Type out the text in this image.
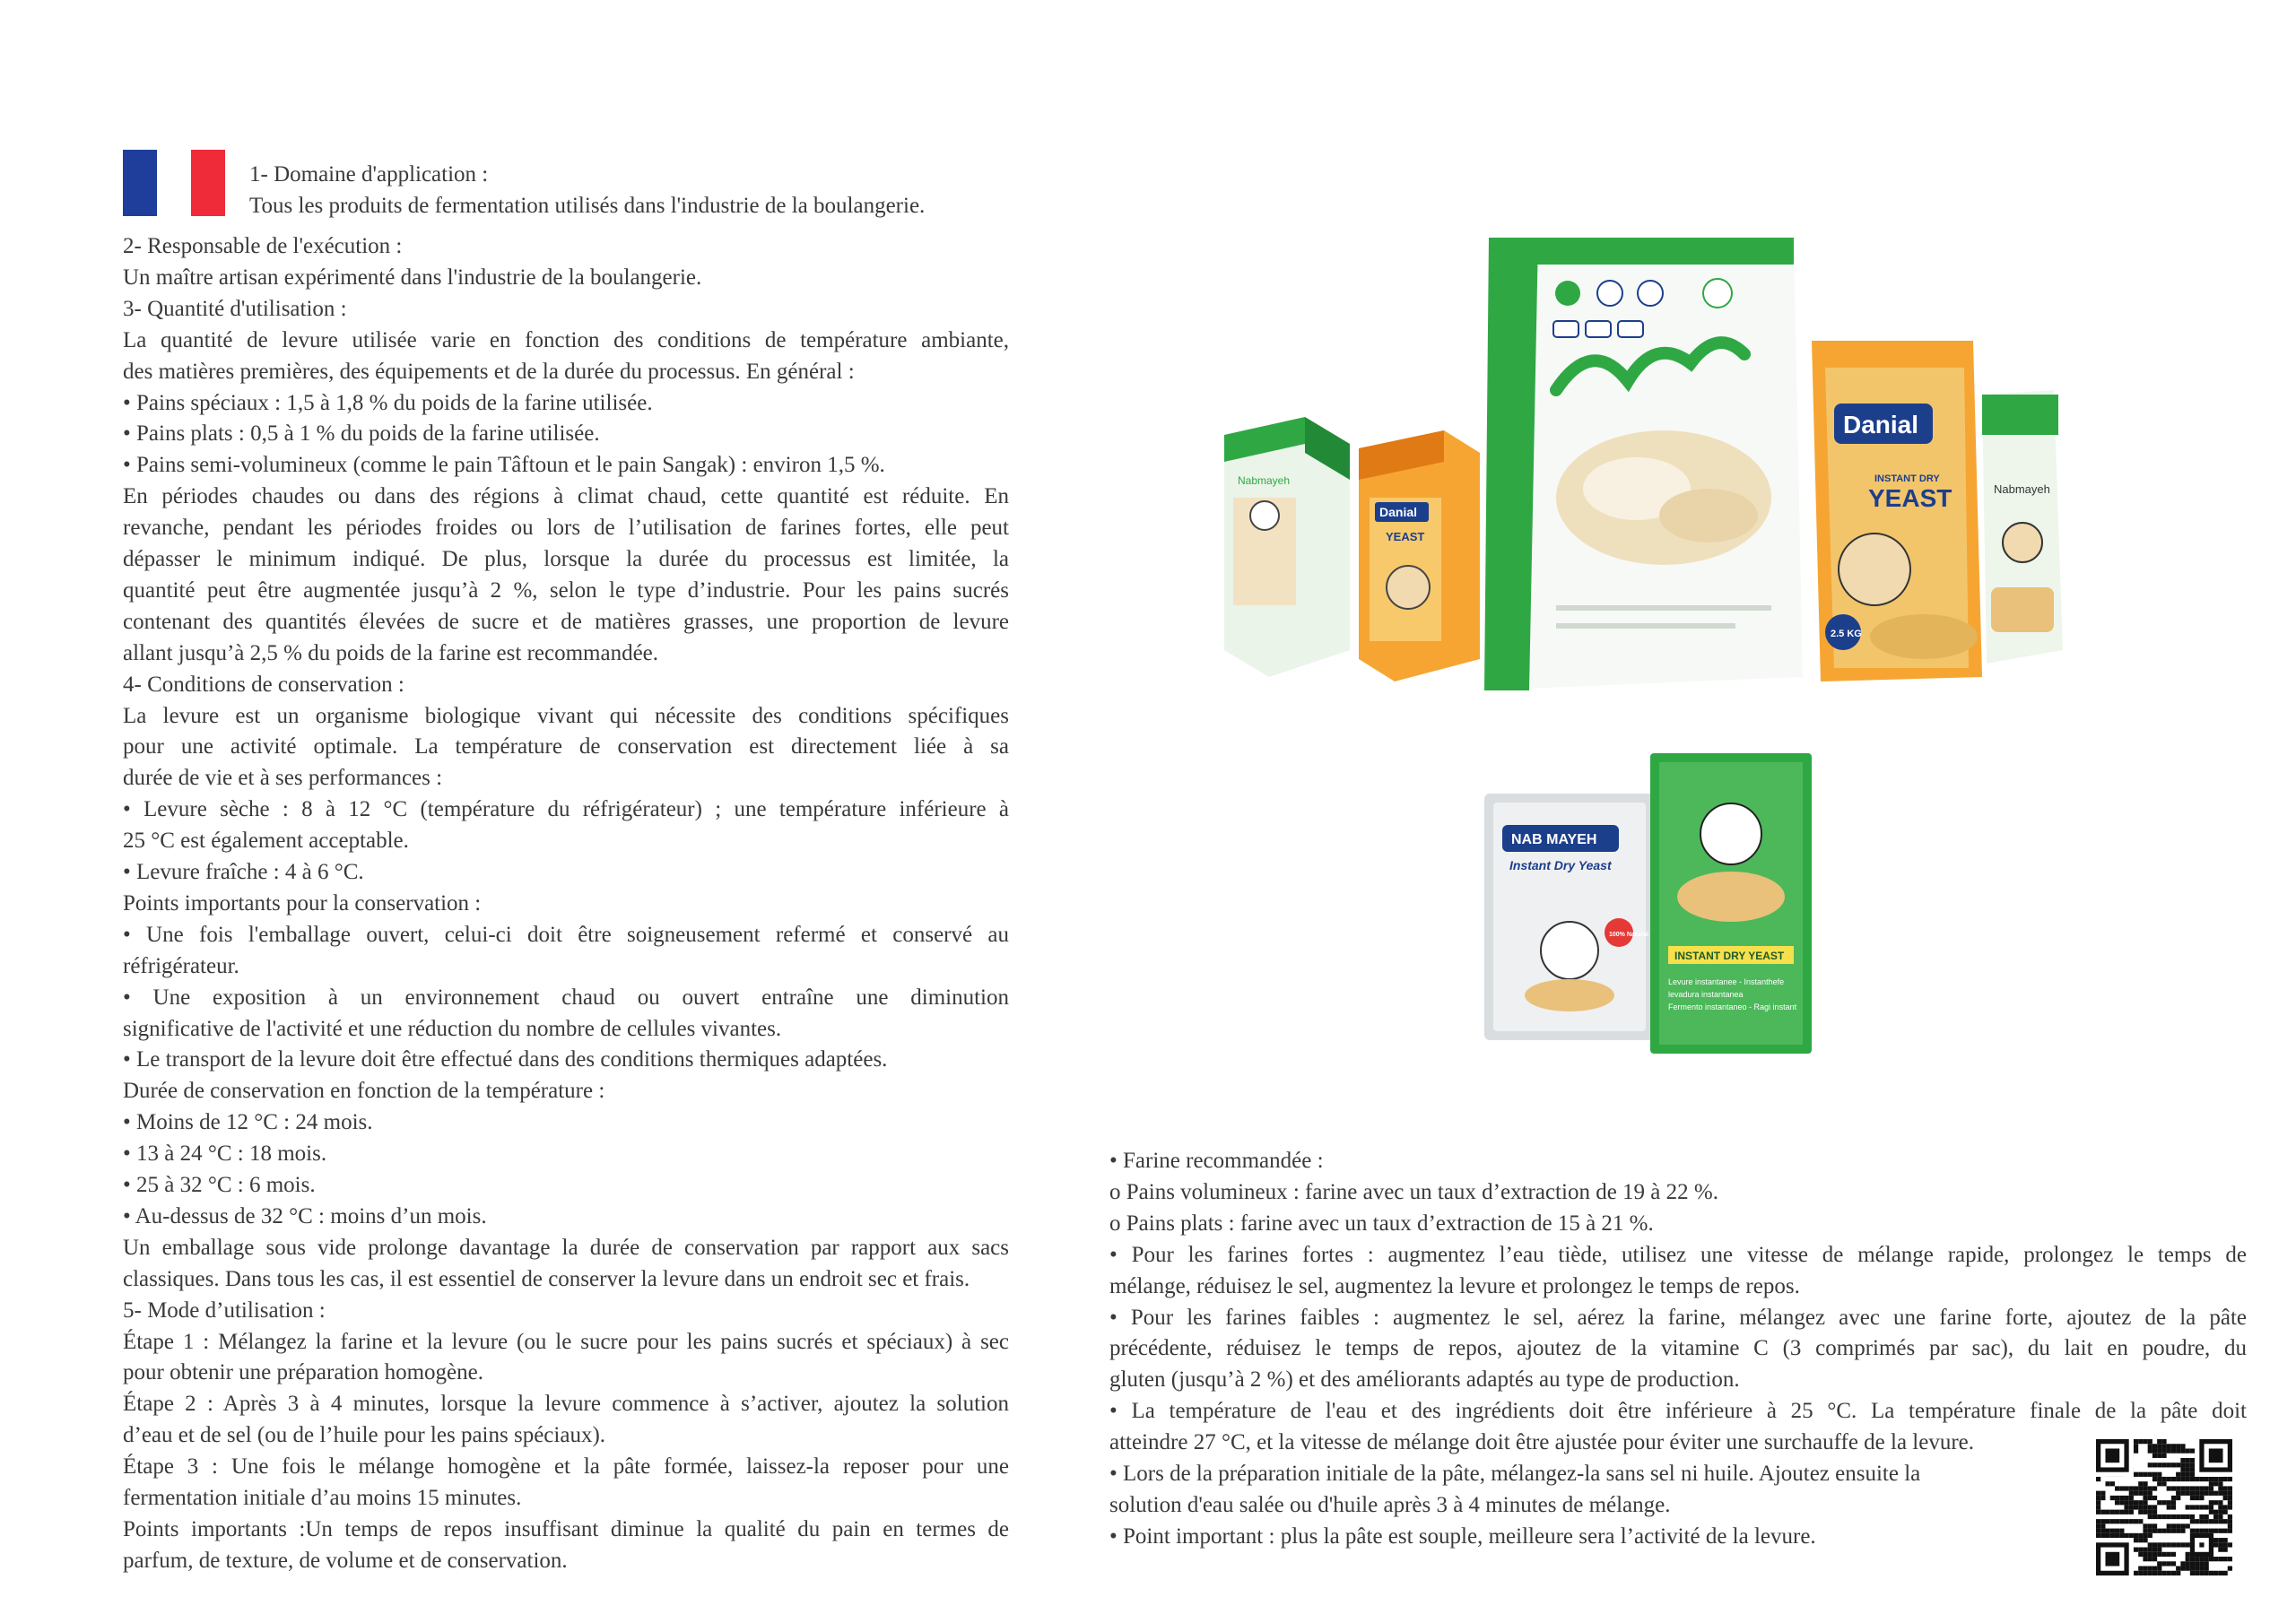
1- Domaine d'application :
Tous les produits de fermentation utilisés dans l'industrie de la boulangerie.
2- Responsable de l'exécution :
Un maître artisan expérimenté dans l'industrie de la boulangerie.
3- Quantité d'utilisation :
La quantité de levure utilisée varie en fonction des conditions de température ambiante,
des matières premières, des équipements et de la durée du processus. En général :
• Pains spéciaux : 1,5 à 1,8 % du poids de la farine utilisée.
• Pains plats : 0,5 à 1 % du poids de la farine utilisée.
• Pains semi-volumineux (comme le pain Tâftoun et le pain Sangak) : environ 1,5 %.
En périodes chaudes ou dans des régions à climat chaud, cette quantité est réduite. En
revanche, pendant les périodes froides ou lors de l’utilisation de farines fortes, elle peut
dépasser le minimum indiqué. De plus, lorsque la durée du processus est limitée, la
quantité peut être augmentée jusqu’à 2 %, selon le type d’industrie. Pour les pains sucrés
contenant des quantités élevées de sucre et de matières grasses, une proportion de levure
allant jusqu’à 2,5 % du poids de la farine est recommandée.
4- Conditions de conservation :
La levure est un organisme biologique vivant qui nécessite des conditions spécifiques
pour une activité optimale. La température de conservation est directement liée à sa
durée de vie et à ses performances :
• Levure sèche : 8 à 12 °C (température du réfrigérateur) ; une température inférieure à
25 °C est également acceptable.
• Levure fraîche : 4 à 6 °C.
Points importants pour la conservation :
• Une fois l'emballage ouvert, celui-ci doit être soigneusement refermé et conservé au
réfrigérateur.
• Une exposition à un environnement chaud ou ouvert entraîne une diminution
significative de l'activité et une réduction du nombre de cellules vivantes.
• Le transport de la levure doit être effectué dans des conditions thermiques adaptées.
Durée de conservation en fonction de la température :
• Moins de 12 °C : 24 mois.
• 13 à 24 °C : 18 mois.
• 25 à 32 °C : 6 mois.
• Au-dessus de 32 °C : moins d’un mois.
Un emballage sous vide prolonge davantage la durée de conservation par rapport aux sacs
classiques. Dans tous les cas, il est essentiel de conserver la levure dans un endroit sec et frais.
5- Mode d’utilisation :
Étape 1 : Mélangez la farine et la levure (ou le sucre pour les pains sucrés et spéciaux) à sec
pour obtenir une préparation homogène.
Étape 2 : Après 3 à 4 minutes, lorsque la levure commence à s’activer, ajoutez la solution
d’eau et de sel (ou de l’huile pour les pains spéciaux).
Étape 3 : Une fois le mélange homogène et la pâte formée, laissez-la reposer pour une
fermentation initiale d’au moins 15 minutes.
Points importants :Un temps de repos insuffisant diminue la qualité du pain en termes de
parfum, de texture, de volume et de conservation.
• Farine recommandée :
o Pains volumineux : farine avec un taux d’extraction de 19 à 22 %.
o Pains plats : farine avec un taux d’extraction de 15 à 21 %.
• Pour les farines fortes : augmentez l’eau tiède, utilisez une vitesse de mélange rapide, prolongez le temps de
mélange, réduisez le sel, augmentez la levure et prolongez le temps de repos.
• Pour les farines faibles : augmentez le sel, aérez la farine, mélangez avec une farine forte, ajoutez de la pâte
précédente, réduisez le temps de repos, ajoutez de la vitamine C (3 comprimés par sac), du lait en poudre, du
gluten (jusqu’à 2 %) et des améliorants adaptés au type de production.
• La température de l'eau et des ingrédients doit être inférieure à 25 °C. La température finale de la pâte doit
atteindre 27 °C, et la vitesse de mélange doit être ajustée pour éviter une surchauffe de la levure.
• Lors de la préparation initiale de la pâte, mélangez-la sans sel ni huile. Ajoutez ensuite la
solution d'eau salée ou d'huile après 3 à 4 minutes de mélange.
• Point important : plus la pâte est souple, meilleure sera l’activité de la levure.
Nabmayeh
Danial
YEAST
Danial
INSTANT DRY
YEAST
2.5 KG
Nabmayeh
NAB MAYEH
Instant Dry Yeast
100% Natural
INSTANT DRY YEAST
Levure instantanee - Instanthefe
levadura instantanea
Fermento instantaneo - Ragi instant
